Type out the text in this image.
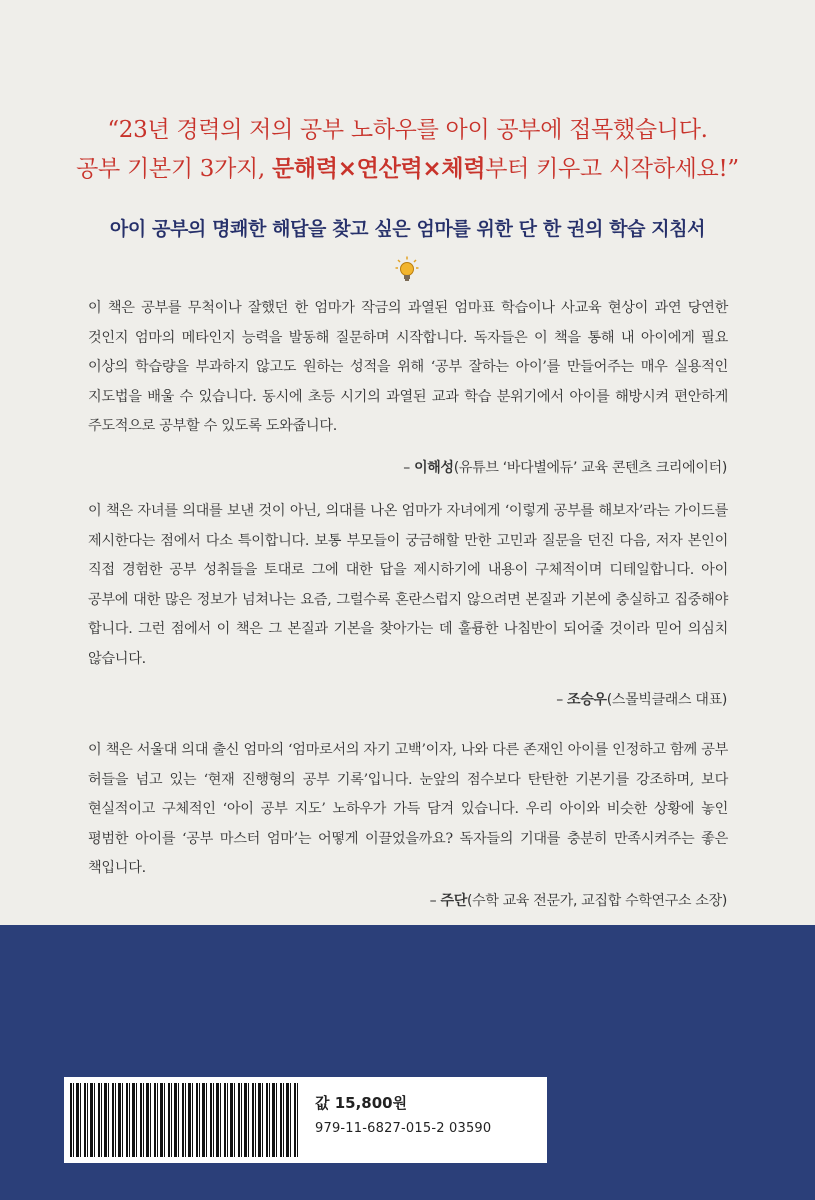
“23년 경력의 저의 공부 노하우를 아이 공부에 접목했습니다.
공부 기본기 3가지, 문해력×연산력×체력부터 키우고 시작하세요!”
아이 공부의 명쾌한 해답을 찾고 싶은 엄마를 위한 단 한 권의 학습 지침서
이 책은 공부를 무척이나 잘했던 한 엄마가 작금의 과열된 엄마표 학습이나 사교육 현상이 과연 당연한 것인지 엄마의 메타인지 능력을 발동해 질문하며 시작합니다. 독자들은 이 책을 통해 내 아이에게 필요 이상의 학습량을 부과하지 않고도 원하는 성적을 위해 ‘공부 잘하는 아이’를 만들어주는 매우 실용적인 지도법을 배울 수 있습니다. 동시에 초등 시기의 과열된 교과 학습 분위기에서 아이를 해방시켜 편안하게 주도적으로 공부할 수 있도록 도와줍니다.
– 이해성(유튜브 ‘바다별에듀’ 교육 콘텐츠 크리에이터)
이 책은 자녀를 의대를 보낸 것이 아닌, 의대를 나온 엄마가 자녀에게 ‘이렇게 공부를 해보자’라는 가이드를 제시한다는 점에서 다소 특이합니다. 보통 부모들이 궁금해할 만한 고민과 질문을 던진 다음, 저자 본인이 직접 경험한 공부 성취들을 토대로 그에 대한 답을 제시하기에 내용이 구체적이며 디테일합니다. 아이 공부에 대한 많은 정보가 넘쳐나는 요즘, 그럴수록 혼란스럽지 않으려면 본질과 기본에 충실하고 집중해야 합니다. 그런 점에서 이 책은 그 본질과 기본을 찾아가는 데 훌륭한 나침반이 되어줄 것이라 믿어 의심치 않습니다.
– 조승우(스몰빅클래스 대표)
이 책은 서울대 의대 출신 엄마의 ‘엄마로서의 자기 고백’이자, 나와 다른 존재인 아이를 인정하고 함께 공부 허들을 넘고 있는 ‘현재 진행형의 공부 기록’입니다. 눈앞의 점수보다 탄탄한 기본기를 강조하며, 보다 현실적이고 구체적인 ‘아이 공부 지도’ 노하우가 가득 담겨 있습니다. 우리 아이와 비슷한 상황에 놓인 평범한 아이를 ‘공부 마스터 엄마’는 어떻게 이끌었을까요? 독자들의 기대를 충분히 만족시켜주는 좋은 책입니다.
– 주단(수학 교육 전문가, 교집합 수학연구소 소장)
값 15,800원
979-11-6827-015-2 03590
